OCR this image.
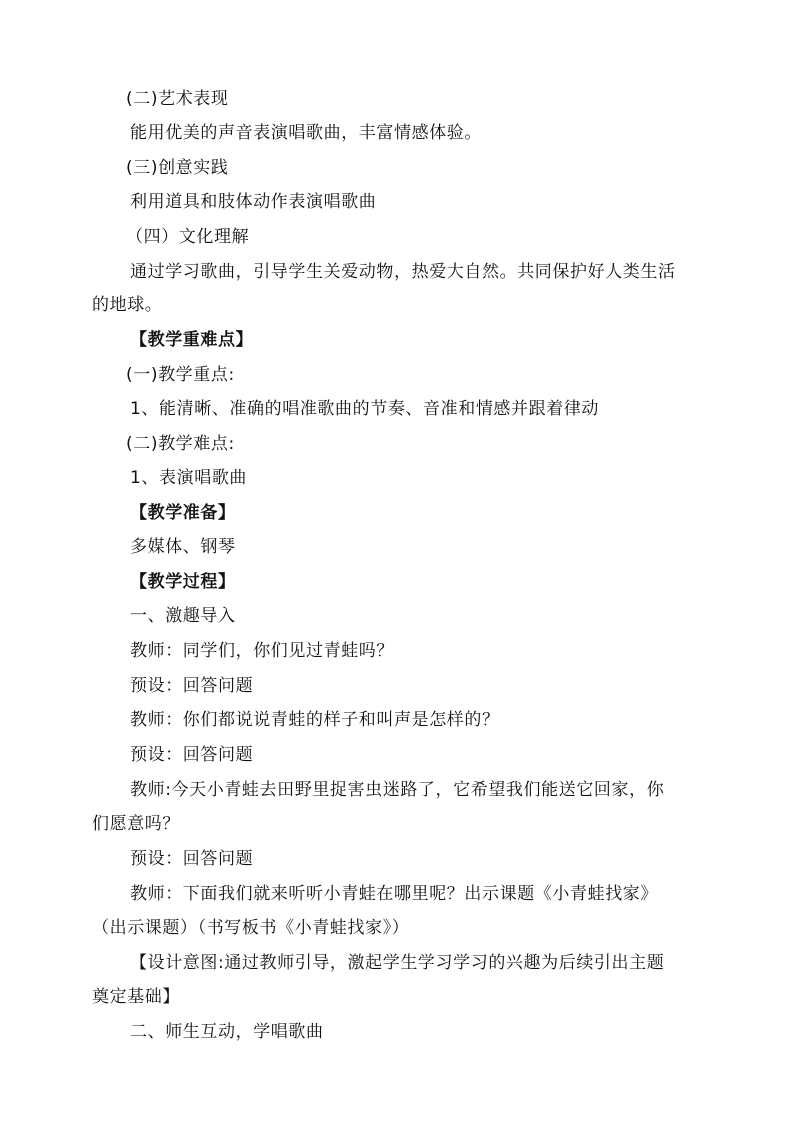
(二)艺术表现
能用优美的声音表演唱歌曲，丰富情感体验。
(三)创意实践
利用道具和肢体动作表演唱歌曲
（四）文化理解
通过学习歌曲，引导学生关爱动物，热爱大自然。共同保护好人类生活
的地球。
【教学重难点】
(一)教学重点:
1、能清晰、准确的唱准歌曲的节奏、音准和情感并跟着律动
(二)教学难点:
1、表演唱歌曲
【教学准备】
多媒体、钢琴
【教学过程】
一、激趣导入
教师：同学们，你们见过青蛙吗？
预设：回答问题
教师：你们都说说青蛙的样子和叫声是怎样的？
预设：回答问题
教师:今天小青蛙去田野里捉害虫迷路了，它希望我们能送它回家，你
们愿意吗？
预设：回答问题
教师：下面我们就来听听小青蛙在哪里呢？出示课题《小青蛙找家》
（出示课题）（书写板书《小青蛙找家》）
【设计意图:通过教师引导，激起学生学习学习的兴趣为后续引出主题
奠定基础】
二、师生互动，学唱歌曲
